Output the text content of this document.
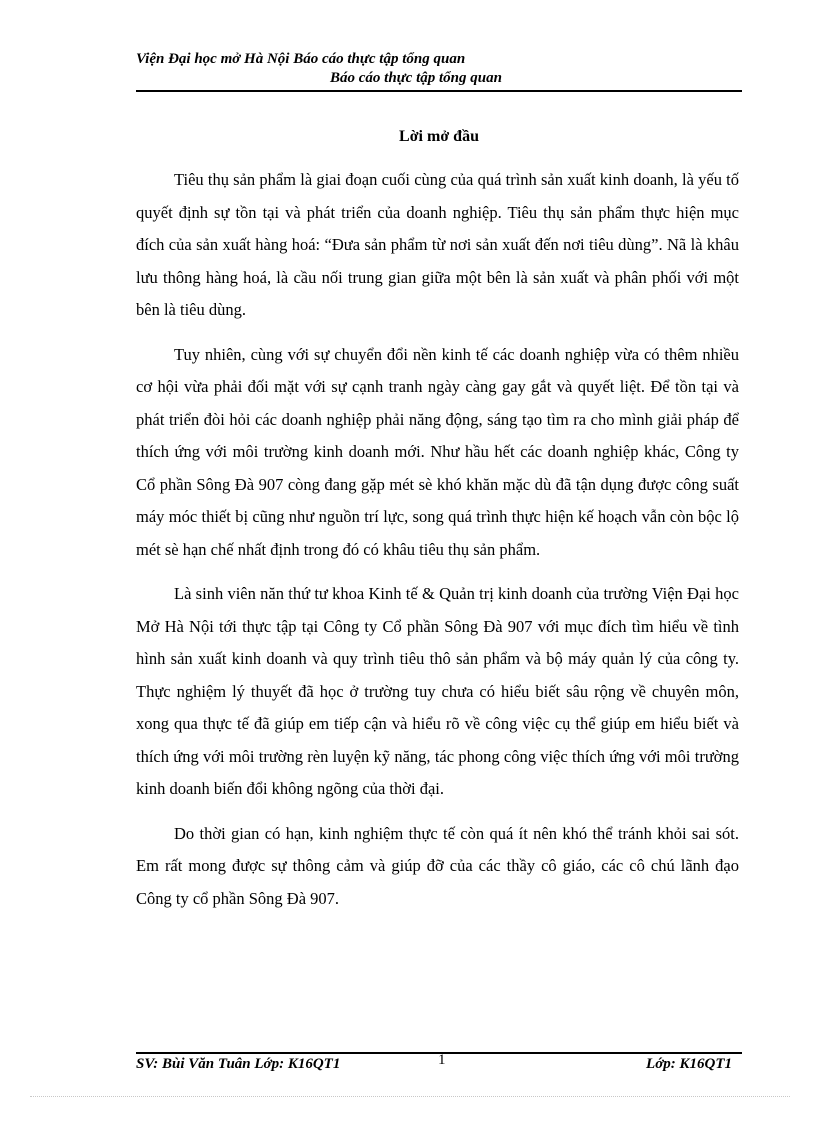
Viện Đại học mở Hà Nội Báo cáo thực tập tổng quan
Báo cáo thực tập tổng quan
Lời mở đầu

Tiêu thụ sản phẩm là giai đoạn cuối cùng của quá trình sản xuất kinh doanh, là yếu tố quyết định sự tồn tại và phát triển của doanh nghiệp. Tiêu thụ sản phẩm thực hiện mục đích của sản xuất hàng hoá: “Đưa sản phẩm từ nơi sản xuất đến nơi tiêu dùng”. Nã là khâu lưu thông hàng hoá, là cầu nối trung gian giữa một bên là sản xuất và phân phối với một bên là tiêu dùng.

Tuy nhiên, cùng với sự chuyển đổi nền kinh tế các doanh nghiệp vừa có thêm nhiều cơ hội vừa phải đối mặt với sự cạnh tranh ngày càng gay gắt và quyết liệt. Để tồn tại và phát triển đòi hỏi các doanh nghiệp phải năng động, sáng tạo tìm ra cho mình giải pháp để thích ứng với môi trường kinh doanh mới. Như hầu hết các doanh nghiệp khác, Công ty Cổ phần Sông Đà 907 còng đang gặp mét sè khó khăn mặc dù đã tận dụng được công suất máy móc thiết bị cũng như nguồn trí lực, song quá trình thực hiện kế hoạch vẫn còn bộc lộ mét sè hạn chế nhất định trong đó có khâu tiêu thụ sản phẩm.

Là sinh viên năn thứ tư khoa Kinh tế & Quản trị kinh doanh của trường Viện Đại học Mở Hà Nội tới thực tập tại Công ty Cổ phần Sông Đà 907 với mục đích tìm hiểu về tình hình sản xuất kinh doanh và quy trình tiêu thô sản phẩm và bộ máy quản lý của công ty. Thực nghiệm lý thuyết đã học ở trường tuy chưa có hiểu biết sâu rộng về chuyên môn, xong qua thực tế đã giúp em tiếp cận và hiểu rõ về công việc cụ thể giúp em hiểu biết và thích ứng với môi trường rèn luyện kỹ năng, tác phong công việc thích ứng với môi trường kinh doanh biến đổi không ngõng của thời đại.

Do thời gian có hạn, kinh nghiệm thực tế còn quá ít nên khó thể tránh khỏi sai sót. Em rất mong được sự thông cảm và giúp đỡ của các thầy cô giáo, các cô chú lãnh đạo Công ty cổ phần Sông Đà 907.

SV: Bùi Văn Tuân Lớp: K16QT1	1	Lớp: K16QT1
